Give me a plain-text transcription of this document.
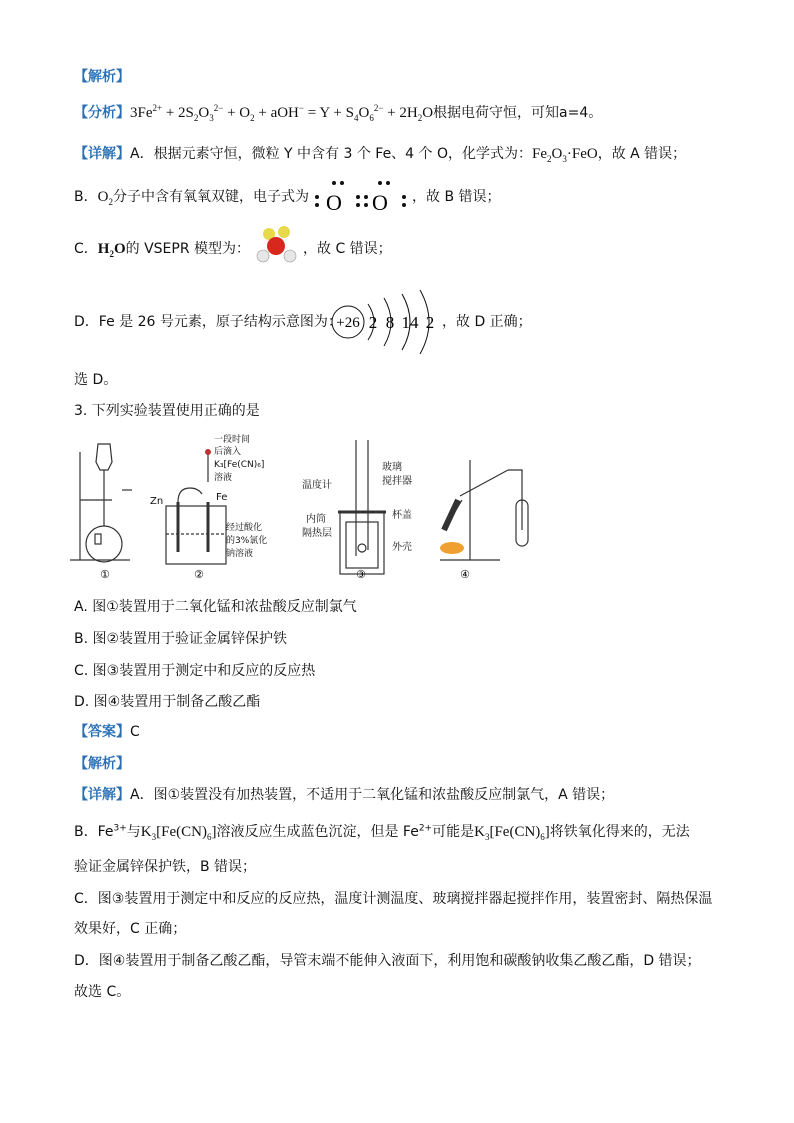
【解析】
【分析】$3Fe^{2+} + 2S_2O_3^{2-} + O_2 + aOH^- = Y + S_4O_6^{2-} + 2H_2O$根据电荷守恒，可知a=4。
【详解】A．根据元素守恒，微粒 Y 中含有 3 个 Fe、4 个 O，化学式为：$Fe_2O_3\cdot FeO$，故 A 错误；
B．$O_2$分子中含有氧氧双键，电子式为 O O ，故 B 错误；
C．$H_2O$的 VSEPR 模型为：	，故 C 错误；
D．Fe 是 26 号元素，原子结构示意图为：
+26 2 8 14 2 ，故 D 正确；
选 D。
3. 下列实验装置使用正确的是
Zn	Fe
一段时间
后滴入
K₃[Fe(CN)₆]
溶液
经过酸化
的3%氯化
钠溶液
温度计
玻璃
搅拌器
内筒
隔热层
杯盖
外壳
①	②	③	④
A. 图①装置用于二氧化锰和浓盐酸反应制氯气
B. 图②装置用于验证金属锌保护铁
C. 图③装置用于测定中和反应的反应热
D. 图④装置用于制备乙酸乙酯
【答案】C
【解析】
【详解】A．图①装置没有加热装置，不适用于二氧化锰和浓盐酸反应制氯气，A 错误；
B．$Fe^{3+}$与$K_3[Fe(CN)_6]$溶液反应生成蓝色沉淀，但是 $Fe^{2+}$可能是$K_3[Fe(CN)_6]$将铁氧化得来的，无法
验证金属锌保护铁，B 错误；
C．图③装置用于测定中和反应的反应热，温度计测温度、玻璃搅拌器起搅拌作用，装置密封、隔热保温
效果好，C 正确；
D．图④装置用于制备乙酸乙酯，导管末端不能伸入液面下，利用饱和碳酸钠收集乙酸乙酯，D 错误；
故选 C。
